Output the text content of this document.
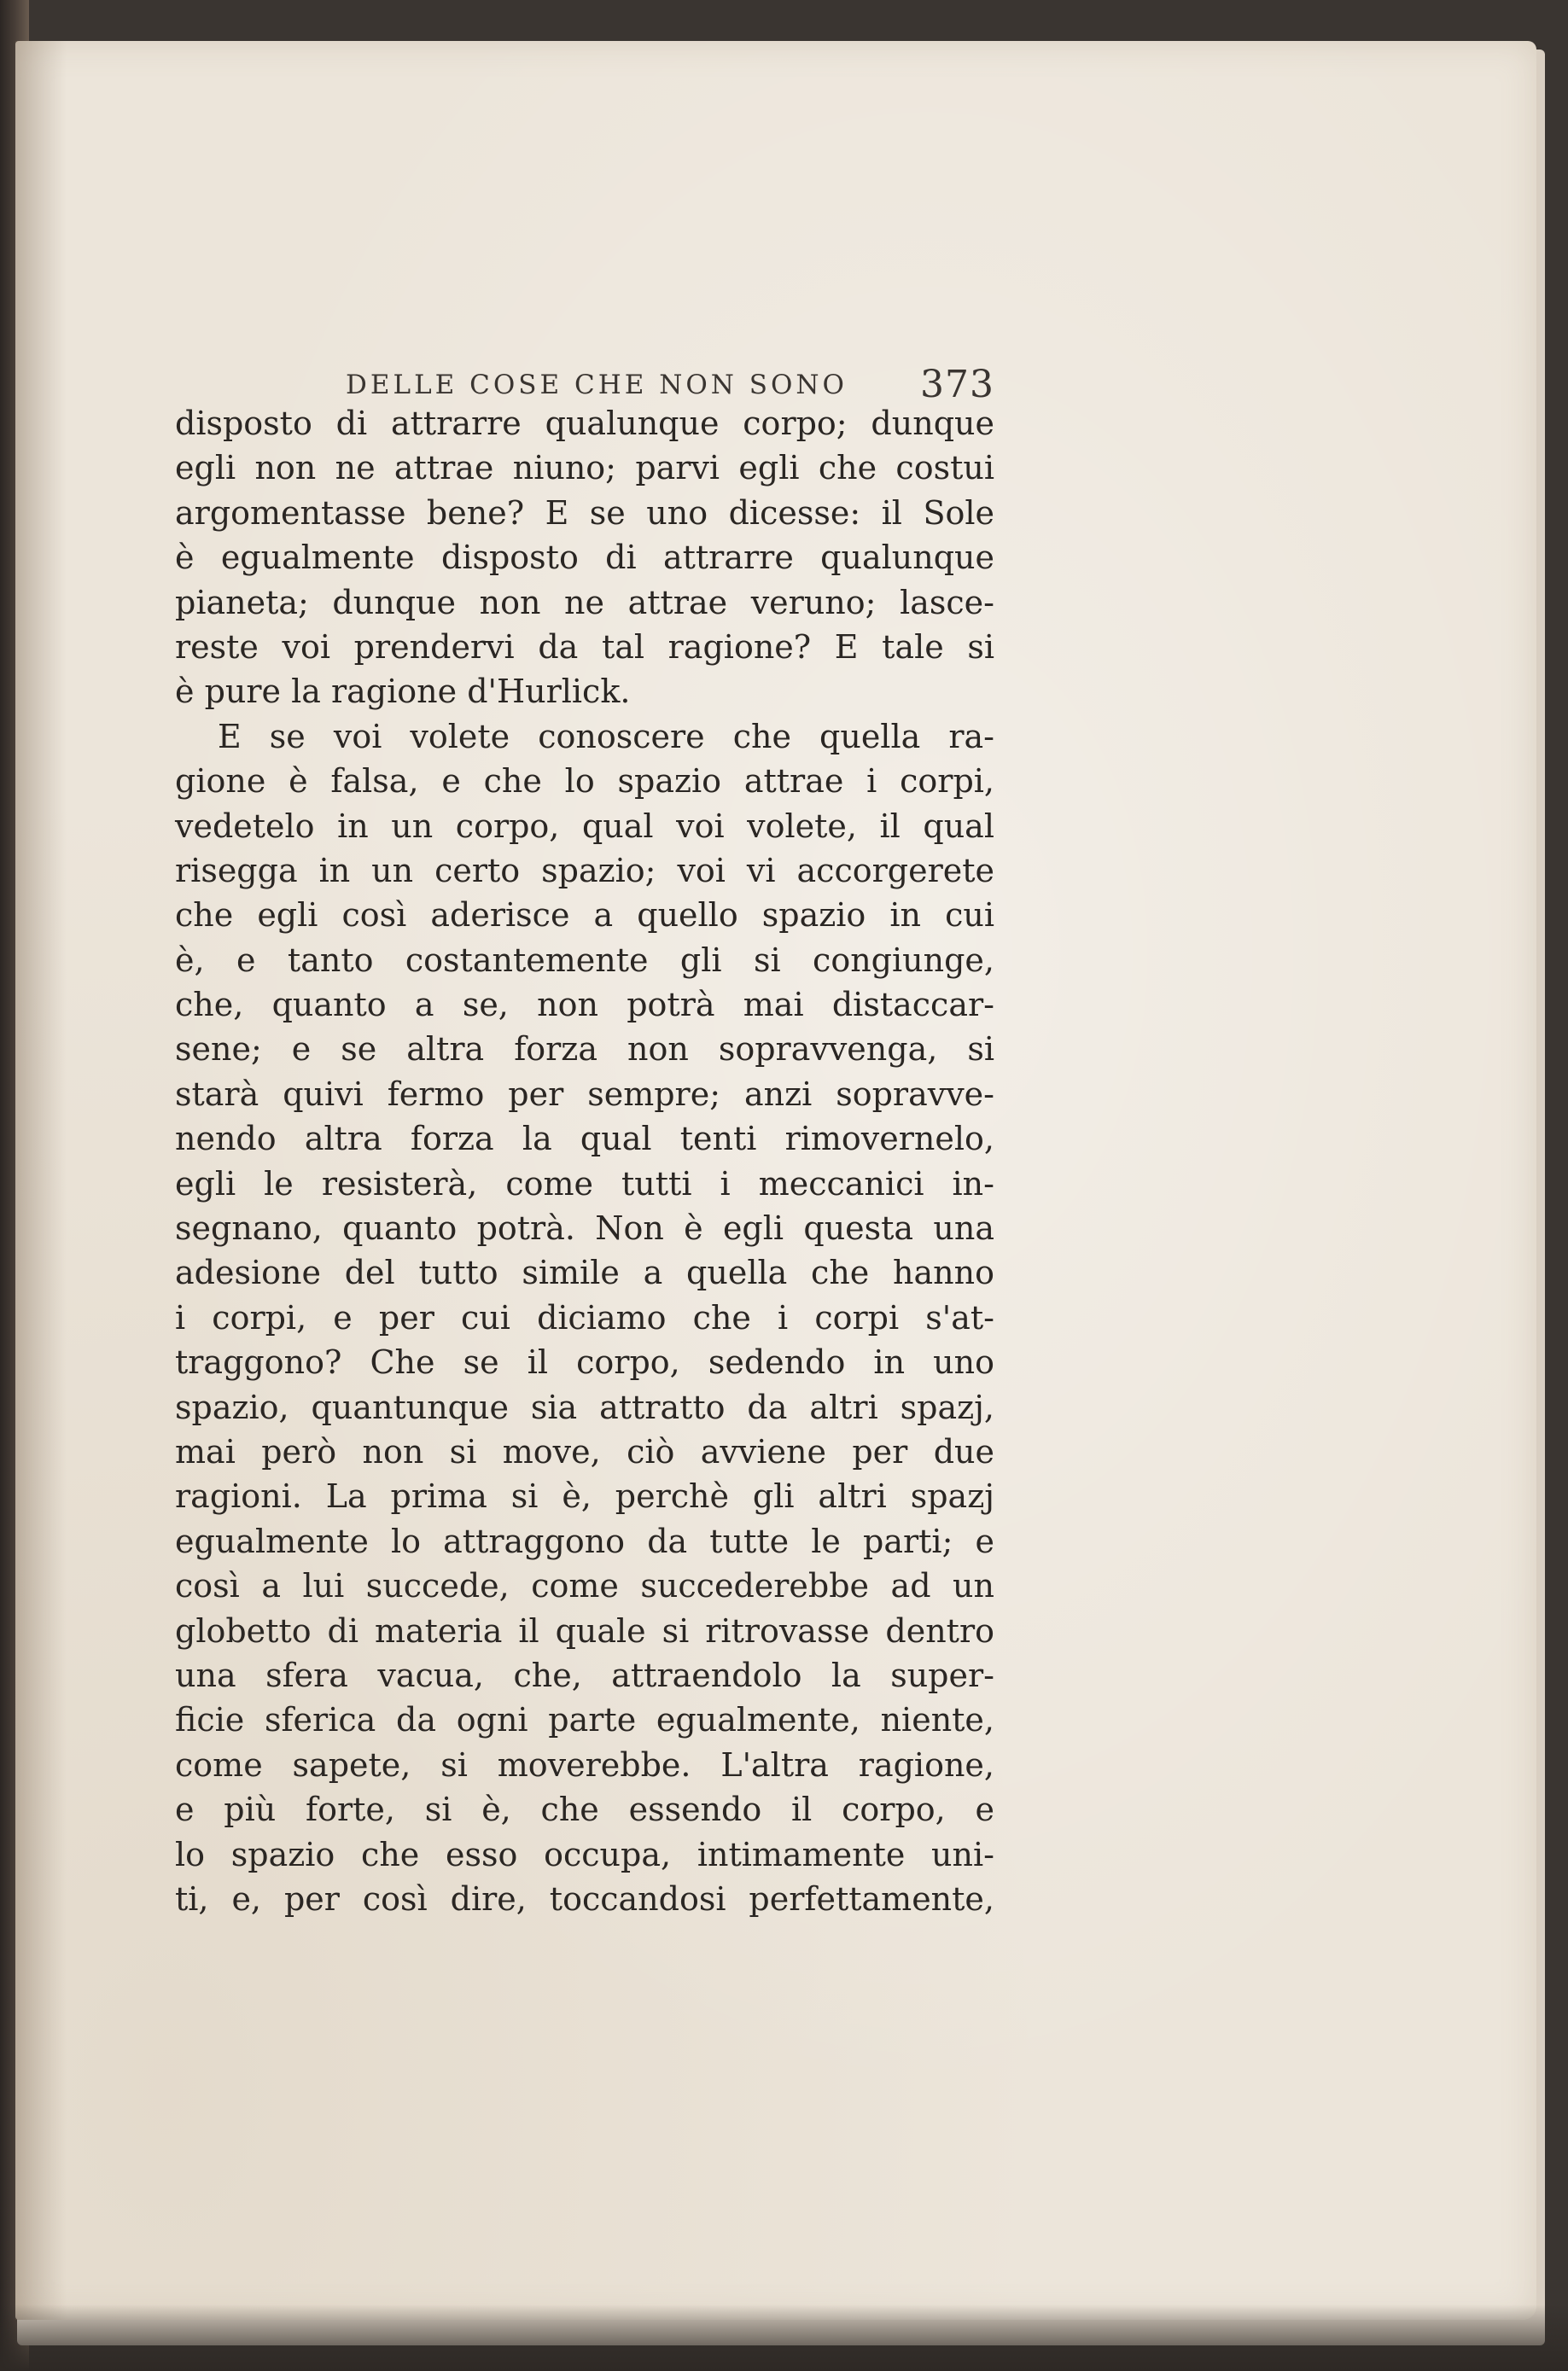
DELLE COSE CHE NON SONO 373
disposto di attrarre qualunque corpo; dunque
egli non ne attrae niuno; parvi egli che costui
argomentasse bene? E se uno dicesse: il Sole
è egualmente disposto di attrarre qualunque
pianeta; dunque non ne attrae veruno; lasce-
reste voi prendervi da tal ragione? E tale si
è pure la ragione d'Hurlick.
E se voi volete conoscere che quella ra-
gione è falsa, e che lo spazio attrae i corpi,
vedetelo in un corpo, qual voi volete, il qual
risegga in un certo spazio; voi vi accorgerete
che egli così aderisce a quello spazio in cui
è, e tanto costantemente gli si congiunge,
che, quanto a se, non potrà mai distaccar-
sene; e se altra forza non sopravvenga, si
starà quivi fermo per sempre; anzi sopravve-
nendo altra forza la qual tenti rimovernelo,
egli le resisterà, come tutti i meccanici in-
segnano, quanto potrà. Non è egli questa una
adesione del tutto simile a quella che hanno
i corpi, e per cui diciamo che i corpi s'at-
traggono? Che se il corpo, sedendo in uno
spazio, quantunque sia attratto da altri spazj,
mai però non si move, ciò avviene per due
ragioni. La prima si è, perchè gli altri spazj
egualmente lo attraggono da tutte le parti; e
così a lui succede, come succederebbe ad un
globetto di materia il quale si ritrovasse dentro
una sfera vacua, che, attraendolo la super-
ficie sferica da ogni parte egualmente, niente,
come sapete, si moverebbe. L'altra ragione,
e più forte, si è, che essendo il corpo, e
lo spazio che esso occupa, intimamente uni-
ti, e, per così dire, toccandosi perfettamente,
